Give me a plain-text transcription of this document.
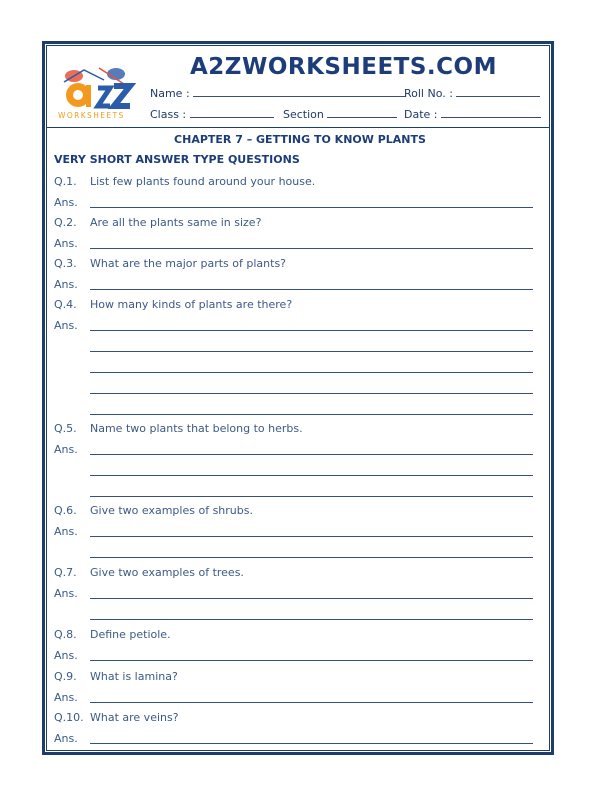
WORKSHEETS
A2ZWORKSHEETS.COM
Name :	Roll No. :
Class :	Section	Date :
CHAPTER 7 – GETTING TO KNOW PLANTS
VERY SHORT ANSWER TYPE QUESTIONS
Q.1. List few plants found around your house.
Ans.
Q.2. Are all the plants same in size?
Ans.
Q.3. What are the major parts of plants?
Ans.
Q.4. How many kinds of plants are there?
Ans.
Q.5. Name two plants that belong to herbs.
Ans.
Q.6. Give two examples of shrubs.
Ans.
Q.7. Give two examples of trees.
Ans.
Q.8. Define petiole.
Ans.
Q.9. What is lamina?
Ans.
Q.10. What are veins?
Ans.
